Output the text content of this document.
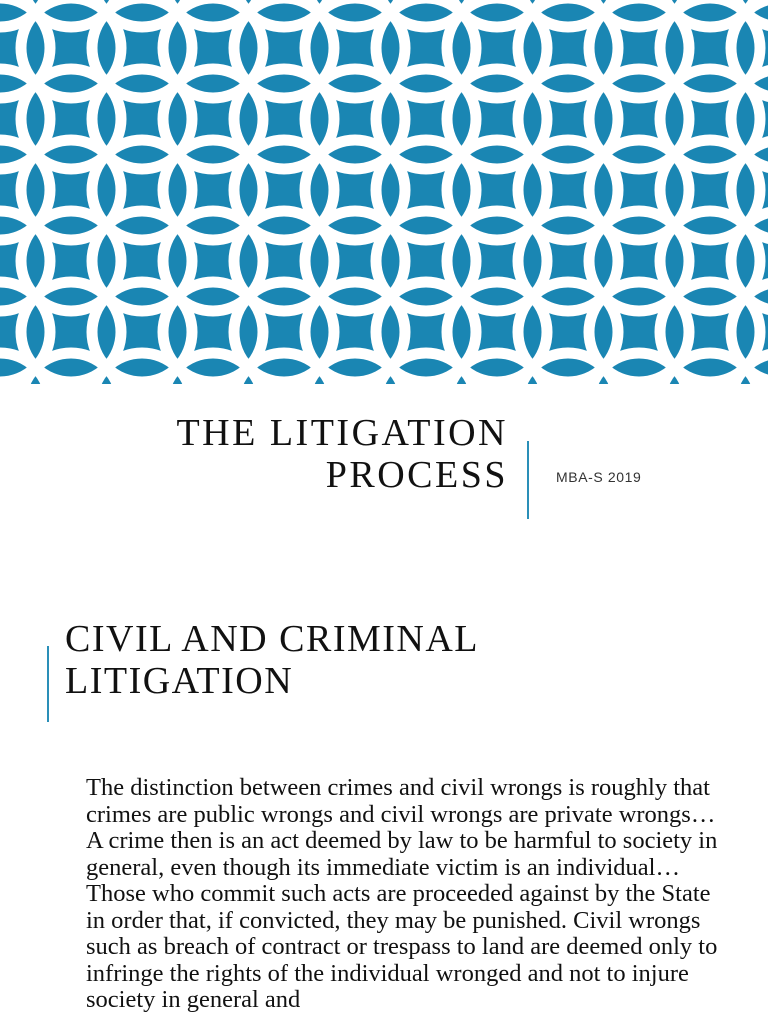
THE LITIGATION
PROCESS	MBA-S 2019
CIVIL AND CRIMINAL
LITIGATION

The distinction between crimes and civil wrongs is roughly that crimes are public wrongs and civil wrongs are private wrongs… A crime then is an act deemed by law to be harmful to society in general, even though its immediate victim is an individual… Those who commit such acts are proceeded against by the State in order that, if convicted, they may be punished. Civil wrongs such as breach of contract or trespass to land are deemed only to infringe the rights of the individual wronged and not to injure society in general and
